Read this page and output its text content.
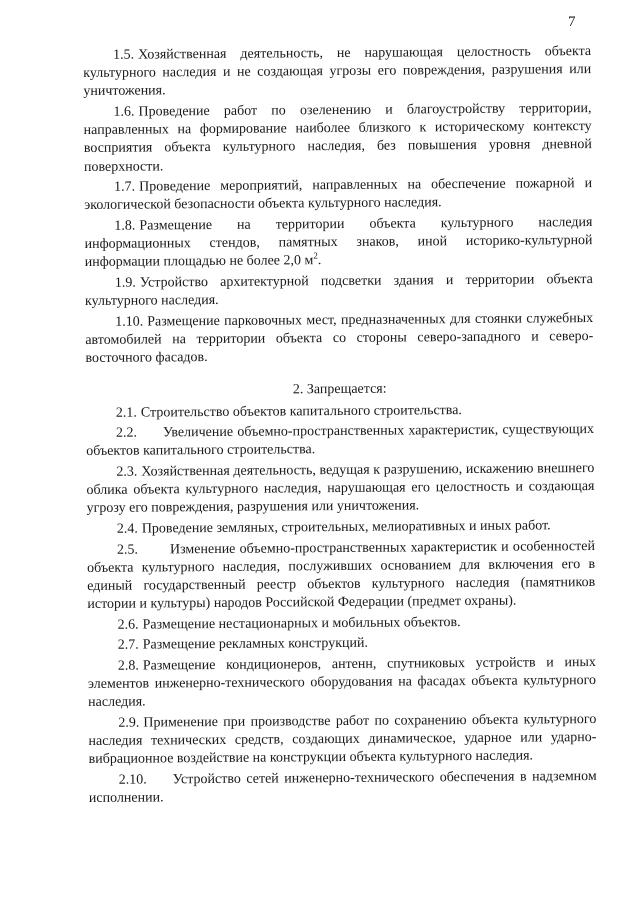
7

1.5. Хозяйственная деятельность, не нарушающая целостность объекта культурного наследия и не создающая угрозы его повреждения, разрушения или уничтожения.

1.6. Проведение работ по озеленению и благоустройству территории, направленных на формирование наиболее близкого к историческому контексту восприятия объекта культурного наследия, без повышения уровня дневной поверхности.

1.7. Проведение мероприятий, направленных на обеспечение пожарной и экологической безопасности объекта культурного наследия.

1.8. Размещение на территории объекта культурного наследия информационных стендов, памятных знаков, иной историко-культурной информации площадью не более 2,0 $м^2$.

1.9. Устройство архитектурной подсветки здания и территории объекта культурного наследия.

1.10. Размещение парковочных мест, предназначенных для стоянки служебных автомобилей на территории объекта со стороны северо-западного и северо-восточного фасадов.

2. Запрещается:

2.1. Строительство объектов капитального строительства.

2.2. Увеличение объемно-пространственных характеристик, существующих объектов капитального строительства.

2.3. Хозяйственная деятельность, ведущая к разрушению, искажению внешнего облика объекта культурного наследия, нарушающая его целостность и создающая угрозу его повреждения, разрушения или уничтожения.

2.4. Проведение земляных, строительных, мелиоративных и иных работ.

2.5. Изменение объемно-пространственных характеристик и особенностей объекта культурного наследия, послуживших основанием для включения его в единый государственный реестр объектов культурного наследия (памятников истории и культуры) народов Российской Федерации (предмет охраны).

2.6. Размещение нестационарных и мобильных объектов.

2.7. Размещение рекламных конструкций.

2.8. Размещение кондиционеров, антенн, спутниковых устройств и иных элементов инженерно-технического оборудования на фасадах объекта культурного наследия.

2.9. Применение при производстве работ по сохранению объекта культурного наследия технических средств, создающих динамическое, ударное или ударно-вибрационное воздействие на конструкции объекта культурного наследия.

2.10. Устройство сетей инженерно-технического обеспечения в надземном исполнении.
